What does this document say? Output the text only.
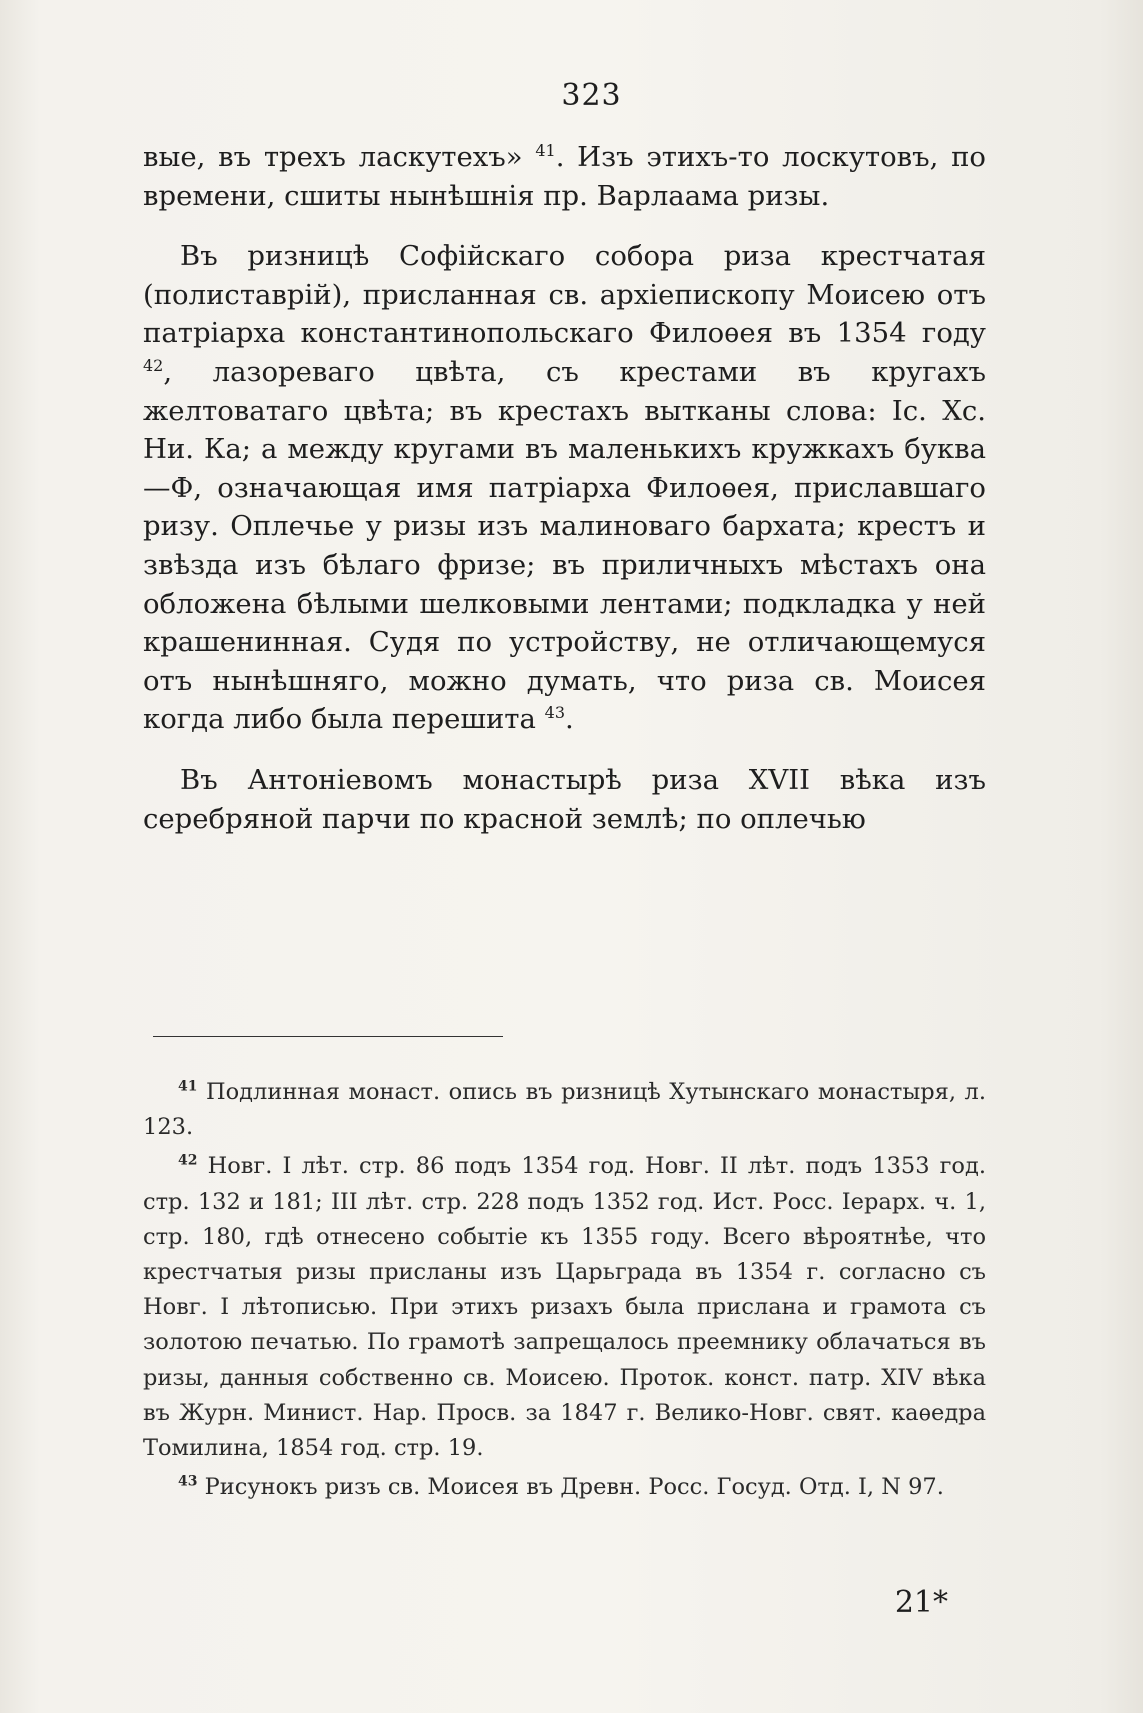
323

вые, въ трехъ ласкутехъ» $^{41}$. Изъ этихъ-то лоскутовъ, по времени, сшиты нынѣшнія пр. Варлаама ризы.

Въ ризницѣ Софійскаго собора риза крестчатая (полиставрій), присланная св. архіепископу Моисею отъ патріарха константинопольскаго Филоѳея въ 1354 году $^{42}$, лазореваго цвѣта, съ крестами въ кругахъ желтоватаго цвѣта; въ крестахъ вытканы слова: Іс. Хс. Ни. Ка; а между кругами въ маленькихъ кружкахъ буква —Ф, означающая имя патріарха Филоѳея, приславшаго ризу. Оплечье у ризы изъ малиноваго бархата; крестъ и звѣзда изъ бѣлаго фризе; въ приличныхъ мѣстахъ она обложена бѣлыми шелковыми лентами; подкладка у ней крашенинная. Судя по устройству, не отличающемуся отъ нынѣшняго, можно думать, что риза св. Моисея когда либо была перешита $^{43}$.

Въ Антоніевомъ монастырѣ риза XVII вѣка изъ серебряной парчи по красной землѣ; по оплечью

$^{41}$ Подлинная монаст. опись въ ризницѣ Хутынскаго монастыря, л. 123.

$^{42}$ Новг. I лѣт. стр. 86 подъ 1354 год. Новг. II лѣт. подъ 1353 год. стр. 132 и 181; III лѣт. стр. 228 подъ 1352 год. Ист. Росс. Іерарх. ч. 1, стр. 180, гдѣ отнесено событіе къ 1355 году. Всего вѣроятнѣе, что крестчатыя ризы присланы изъ Царьграда въ 1354 г. согласно съ Новг. I лѣтописью. При этихъ ризахъ была прислана и грамота съ золотою печатью. По грамотѣ запрещалось преемнику облачаться въ ризы, данныя собственно св. Моисею. Проток. конст. патр. XIV вѣка въ Журн. Минист. Нар. Просв. за 1847 г. Велико-Новг. свят. каѳедра Томилина, 1854 год. стр. 19.

$^{43}$ Рисунокъ ризъ св. Моисея въ Древн. Росс. Госуд. Отд. I, N 97.

21*
